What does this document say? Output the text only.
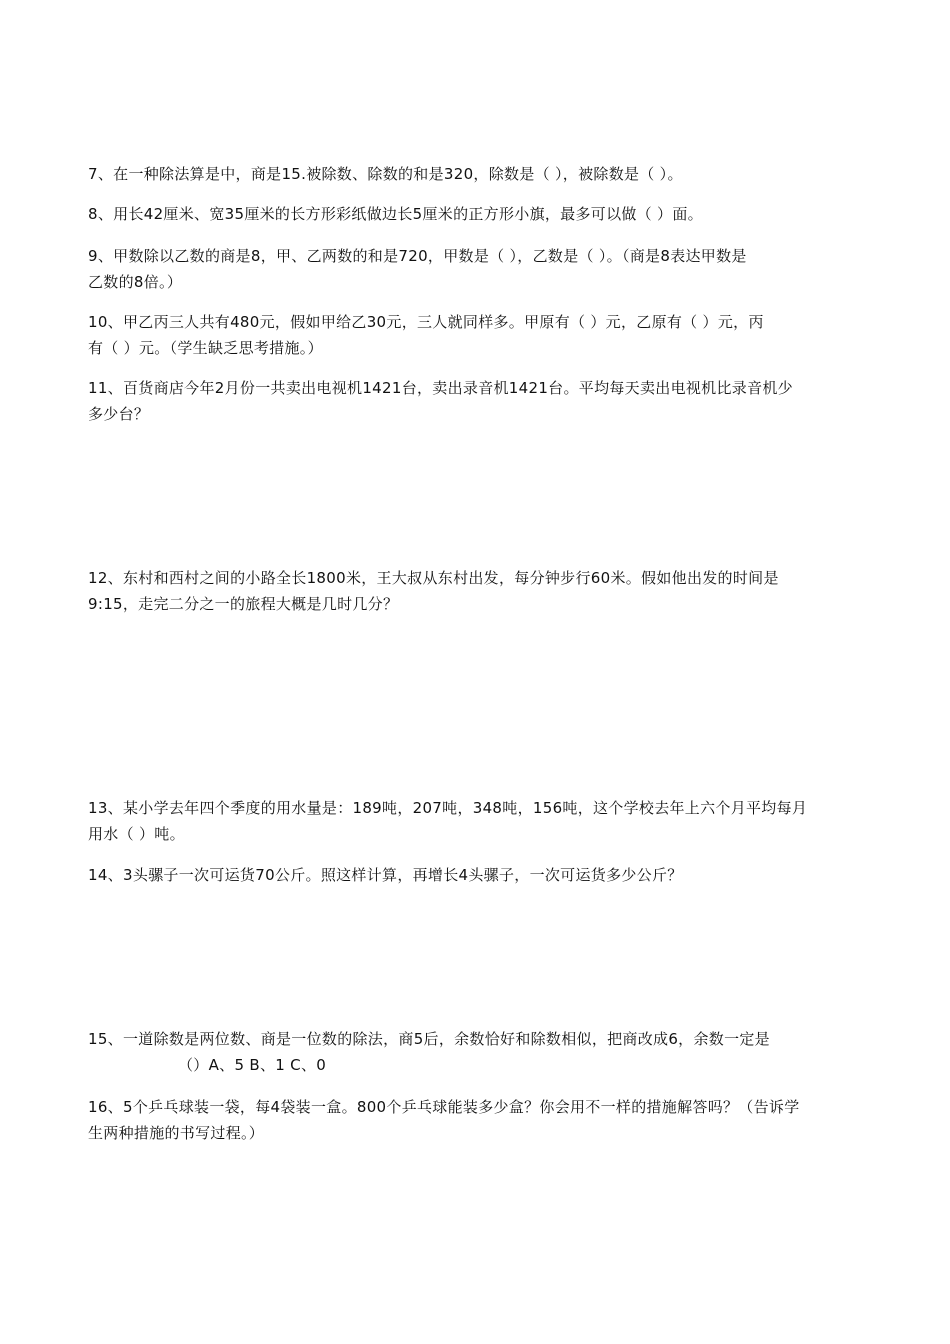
7、在一种除法算是中，商是15.被除数、除数的和是320，除数是（ ），被除数是（ ）。
8、用长42厘米、宽35厘米的长方形彩纸做边长5厘米的正方形小旗，最多可以做（ ）面。
9、甲数除以乙数的商是8，甲、乙两数的和是720，甲数是（ ），乙数是（ ）。（商是8表达甲数是
乙数的8倍。）
10、甲乙丙三人共有480元，假如甲给乙30元，三人就同样多。甲原有（ ）元，乙原有（ ）元，丙
有（ ）元。（学生缺乏思考措施。）
11、百货商店今年2月份一共卖出电视机1421台，卖出录音机1421台。平均每天卖出电视机比录音机少
多少台？
12、东村和西村之间的小路全长1800米，王大叔从东村出发，每分钟步行60米。假如他出发的时间是
9:15，走完二分之一的旅程大概是几时几分？
13、某小学去年四个季度的用水量是：189吨，207吨，348吨，156吨，这个学校去年上六个月平均每月
用水（ ）吨。
14、3头骡子一次可运货70公斤。照这样计算，再增长4头骡子，一次可运货多少公斤？
15、一道除数是两位数、商是一位数的除法，商5后，余数恰好和除数相似，把商改成6，余数一定是
（）A、5 B、1 C、0
16、5个乒乓球装一袋，每4袋装一盒。800个乒乓球能装多少盒？你会用不一样的措施解答吗？（告诉学
生两种措施的书写过程。）
